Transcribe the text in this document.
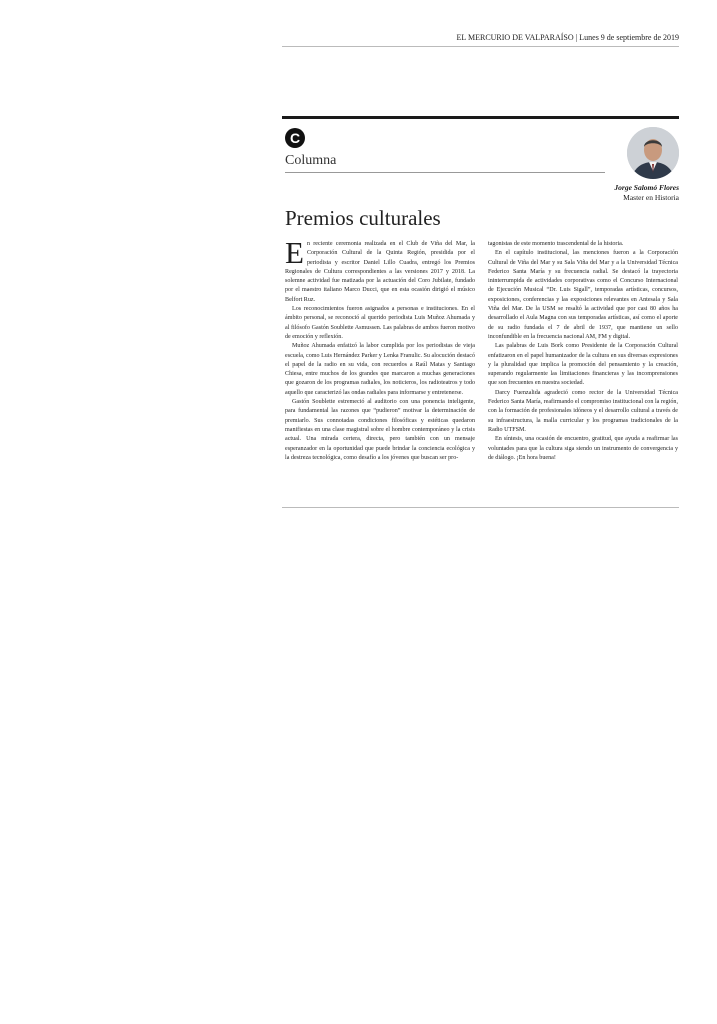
EL MERCURIO DE VALPARAÍSO | Lunes 9 de septiembre de 2019
C
Columna
Jorge Salomó Flores
Master en Historia
Premios culturales

En reciente ceremonia realizada en el Club de Viña del Mar, la Corporación Cultural de la Quinta Región, presidida por el periodista y escritor Daniel Lillo Cuadra, entregó los Premios Regionales de Cultura correspondientes a las versiones 2017 y 2018. La solemne actividad fue matizada por la actuación del Coro Jubilate, fundado por el maestro italiano Marco Ducci, que en esta ocasión dirigió el músico Belfort Ruz.

Los reconocimientos fueron asignados a personas e instituciones. En el ámbito personal, se reconoció al querido periodista Luis Muñoz Ahumada y al filósofo Gastón Soublette Asmussen. Las palabras de ambos fueron motivo de emoción y reflexión.

Muñoz Ahumada enfatizó la labor cumplida por los periodistas de vieja escuela, como Luis Hernández Parker y Lenka Franulic. Su alocución destacó el papel de la radio en su vida, con recuerdos a Raúl Matas y Santiago Chiesa, entre muchos de los grandes que marcaron a muchas generaciones que gozaron de los programas radiales, los noticieros, los radioteatros y todo aquello que caracterizó las ondas radiales para informarse y entretenerse.

Gastón Soublette estremeció al auditorio con una ponencia inteligente, para fundamental las razones que “pudieron” motivar la determinación de premiarlo. Sus connotadas condiciones filosóficas y estéticas quedaron manifiestas en una clase magistral sobre el hombre contemporáneo y la crisis actual. Una mirada certera, directa, pero también con un mensaje esperanzador en la oportunidad que puede brindar la conciencia ecológica y la destreza tecnológica, como desafío a los jóvenes que buscan ser pro-

tagonistas de este momento trascendental de la historia.

En el capítulo institucional, las menciones fueron a la Corporación Cultural de Viña del Mar y su Sala Viña del Mar y a la Universidad Técnica Federico Santa María y su frecuencia radial. Se destacó la trayectoria ininterrumpida de actividades corporativas como el Concurso Internacional de Ejecución Musical “Dr. Luis Sigall”, temporadas artísticas, concursos, exposiciones, conferencias y las exposiciones relevantes en Antesala y Sala Viña del Mar. De la USM se resaltó la actividad que por casi 80 años ha desarrollado el Aula Magna con sus temporadas artísticas, así como el aporte de su radio fundada el 7 de abril de 1937, que mantiene un sello inconfundible en la frecuencia nacional AM, FM y digital.

Las palabras de Luis Bork como Presidente de la Corporación Cultural enfatizaron en el papel humanizador de la cultura en sus diversas expresiones y la pluralidad que implica la promoción del pensamiento y la creación, superando regularmente las limitaciones financieras y las incomprensiones que son frecuentes en nuestra sociedad.

Darcy Fuenzalida agradeció como rector de la Universidad Técnica Federico Santa María, reafirmando el compromiso institucional con la región, con la formación de profesionales idóneos y el desarrollo cultural a través de su infraestructura, la malla curricular y los programas tradicionales de la Radio UTFSM.

En síntesis, una ocasión de encuentro, gratitud, que ayuda a reafirmar las voluntades para que la cultura siga siendo un instrumento de convergencia y de diálogo. ¡En hora buena!
